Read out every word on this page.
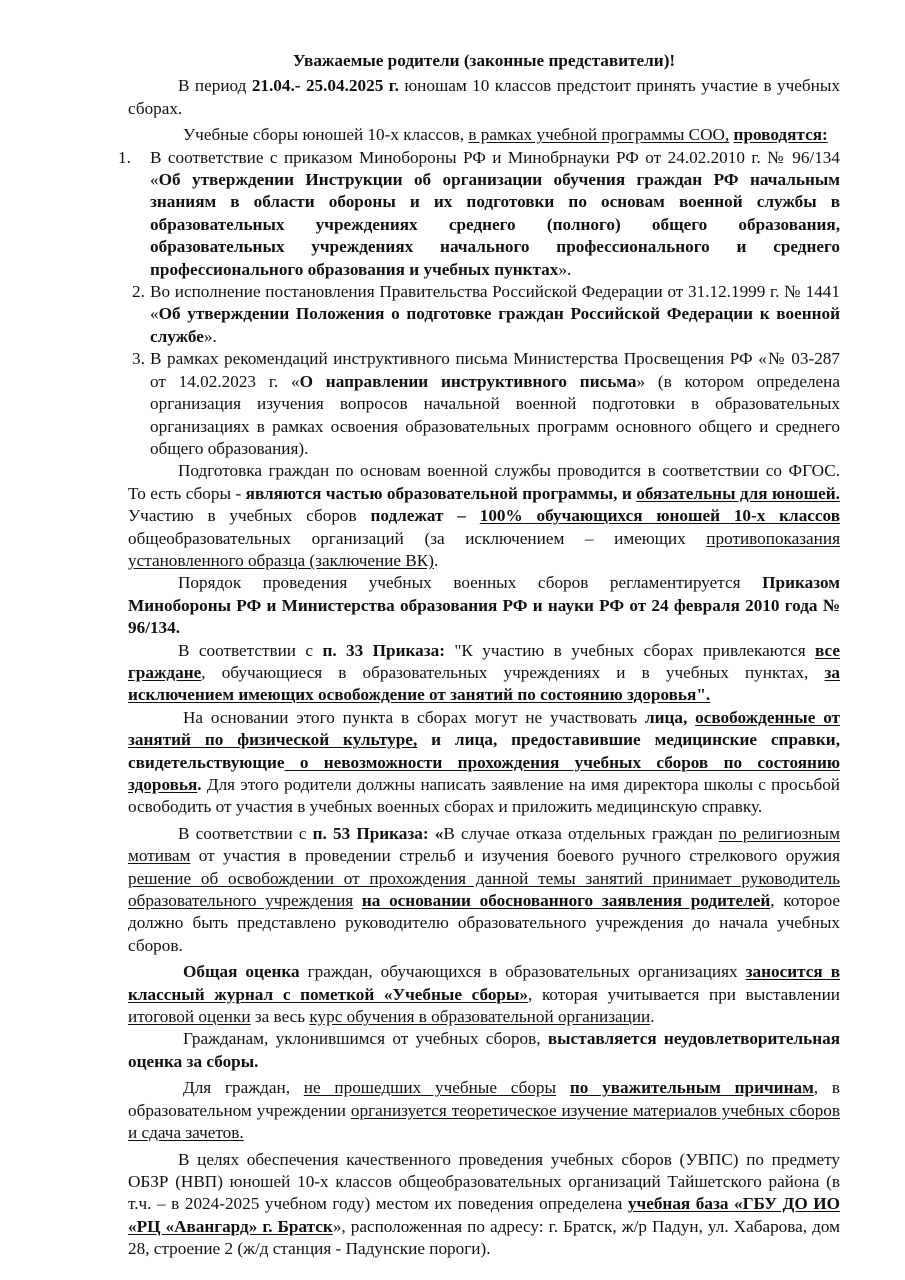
Уважаемые родители (законные представители)!

В период 21.04.- 25.04.2025 г. юношам 10 классов предстоит принять участие в учебных сборах.

Учебные сборы юношей 10-х классов, в рамках учебной программы СОО, проводятся:

1. В соответствие с приказом Минобороны РФ и Минобрнауки РФ от 24.02.2010 г. № 96/134 «Об утверждении Инструкции об организации обучения граждан РФ начальным знаниям в области обороны и их подготовки по основам военной службы в образовательных учреждениях среднего (полного) общего образования, образовательных учреждениях начального профессионального и среднего профессионального образования и учебных пунктах».
2. Во исполнение постановления Правительства Российской Федерации от 31.12.1999 г. № 1441 «Об утверждении Положения о подготовке граждан Российской Федерации к военной службе».
3. В рамках рекомендаций инструктивного письма Министерства Просвещения РФ «№ 03-287 от 14.02.2023 г. «О направлении инструктивного письма» (в котором определена организация изучения вопросов начальной военной подготовки в образовательных организациях в рамках освоения образовательных программ основного общего и среднего общего образования).

Подготовка граждан по основам военной службы проводится в соответствии со ФГОС. То есть сборы - являются частью образовательной программы, и обязательны для юношей. Участию в учебных сборов подлежат – 100% обучающихся юношей 10-х классов общеобразовательных организаций (за исключением – имеющих противопоказания установленного образца (заключение ВК).

Порядок проведения учебных военных сборов регламентируется Приказом Минобороны РФ и Министерства образования РФ и науки РФ от 24 февраля 2010 года № 96/134.

В соответствии с п. 33 Приказа: "К участию в учебных сборах привлекаются все граждане, обучающиеся в образовательных учреждениях и в учебных пунктах, за исключением имеющих освобождение от занятий по состоянию здоровья".

На основании этого пункта в сборах могут не участвовать лица, освобожденные от занятий по физической культуре, и лица, предоставившие медицинские справки, свидетельствующие о невозможности прохождения учебных сборов по состоянию здоровья. Для этого родители должны написать заявление на имя директора школы с просьбой освободить от участия в учебных военных сборах и приложить медицинскую справку.

В соответствии с п. 53 Приказа: «В случае отказа отдельных граждан по религиозным мотивам от участия в проведении стрельб и изучения боевого ручного стрелкового оружия решение об освобождении от прохождения данной темы занятий принимает руководитель образовательного учреждения на основании обоснованного заявления родителей, которое должно быть представлено руководителю образовательного учреждения до начала учебных сборов.

Общая оценка граждан, обучающихся в образовательных организациях заносится в классный журнал с пометкой «Учебные сборы», которая учитывается при выставлении итоговой оценки за весь курс обучения в образовательной организации.

Гражданам, уклонившимся от учебных сборов, выставляется неудовлетворительная оценка за сборы.

Для граждан, не прошедших учебные сборы по уважительным причинам, в образовательном учреждении организуется теоретическое изучение материалов учебных сборов и сдача зачетов.

В целях обеспечения качественного проведения учебных сборов (УВПС) по предмету ОБЗР (НВП) юношей 10-х классов общеобразовательных организаций Тайшетского района (в т.ч. – в 2024-2025 учебном году) местом их поведения определена учебная база «ГБУ ДО ИО «РЦ «Авангард» г. Братск», расположенная по адресу: г. Братск, ж/р Падун, ул. Хабарова, дом 28, строение 2 (ж/д станция - Падунские пороги).
